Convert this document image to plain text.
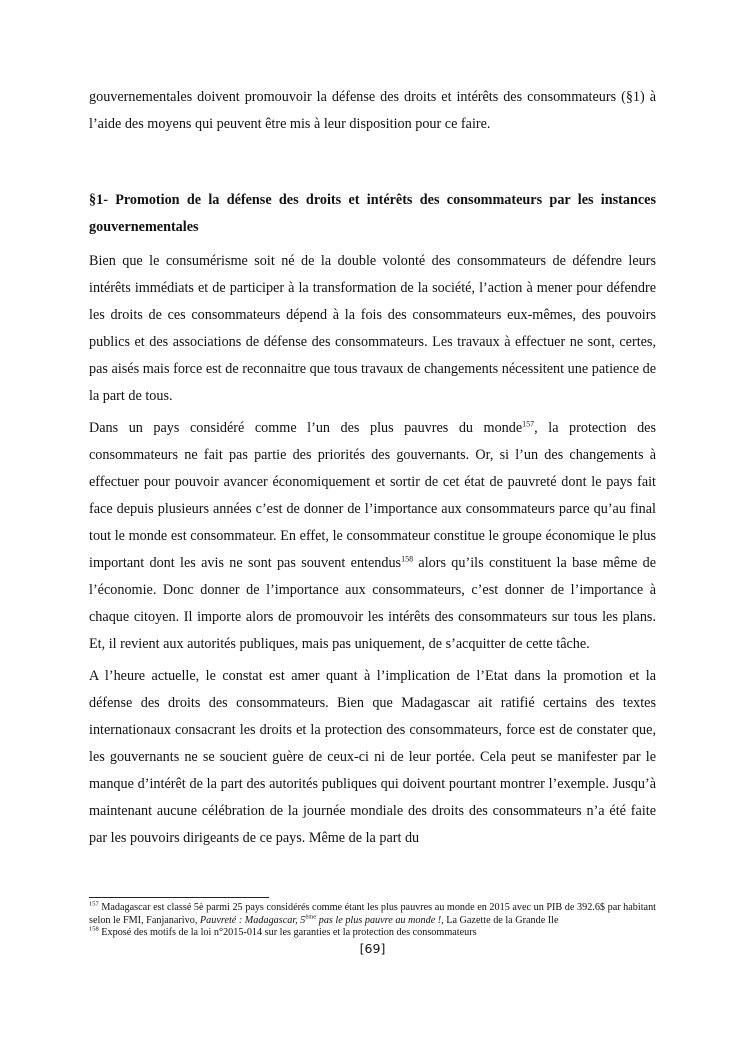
gouvernementales doivent promouvoir la défense des droits et intérêts des consommateurs (§1) à l’aide des moyens qui peuvent être mis à leur disposition pour ce faire.

§1- Promotion de la défense des droits et intérêts des consommateurs par les instances gouvernementales

Bien que le consumérisme soit né de la double volonté des consommateurs de défendre leurs intérêts immédiats et de participer à la transformation de la société, l’action à mener pour défendre les droits de ces consommateurs dépend à la fois des consommateurs eux-mêmes, des pouvoirs publics et des associations de défense des consommateurs. Les travaux à effectuer ne sont, certes, pas aisés mais force est de reconnaitre que tous travaux de changements nécessitent une patience de la part de tous.

Dans un pays considéré comme l’un des plus pauvres du monde$^{157}$, la protection des consommateurs ne fait pas partie des priorités des gouvernants. Or, si l’un des changements à effectuer pour pouvoir avancer économiquement et sortir de cet état de pauvreté dont le pays fait face depuis plusieurs années c’est de donner de l’importance aux consommateurs parce qu’au final tout le monde est consommateur. En effet, le consommateur constitue le groupe économique le plus important dont les avis ne sont pas souvent entendus$^{158}$ alors qu’ils constituent la base même de l’économie. Donc donner de l’importance aux consommateurs, c’est donner de l’importance à chaque citoyen. Il importe alors de promouvoir les intérêts des consommateurs sur tous les plans. Et, il revient aux autorités publiques, mais pas uniquement, de s’acquitter de cette tâche.

A l’heure actuelle, le constat est amer quant à l’implication de l’Etat dans la promotion et la défense des droits des consommateurs. Bien que Madagascar ait ratifié certains des textes internationaux consacrant les droits et la protection des consommateurs, force est de constater que, les gouvernants ne se soucient guère de ceux-ci ni de leur portée. Cela peut se manifester par le manque d’intérêt de la part des autorités publiques qui doivent pourtant montrer l’exemple. Jusqu’à maintenant aucune célébration de la journée mondiale des droits des consommateurs n’a été faite par les pouvoirs dirigeants de ce pays. Même de la part du

$^{157}$ Madagascar est classé 5è parmi 25 pays considérés comme étant les plus pauvres au monde en 2015 avec un PIB de 392.6$ par habitant selon le FMI, Fanjanarivo, Pauvreté : Madagascar, 5ème pas le plus pauvre au monde !, La Gazette de la Grande Ile

$^{158}$ Exposé des motifs de la loi n°2015-014 sur les garanties et la protection des consommateurs

[69]
